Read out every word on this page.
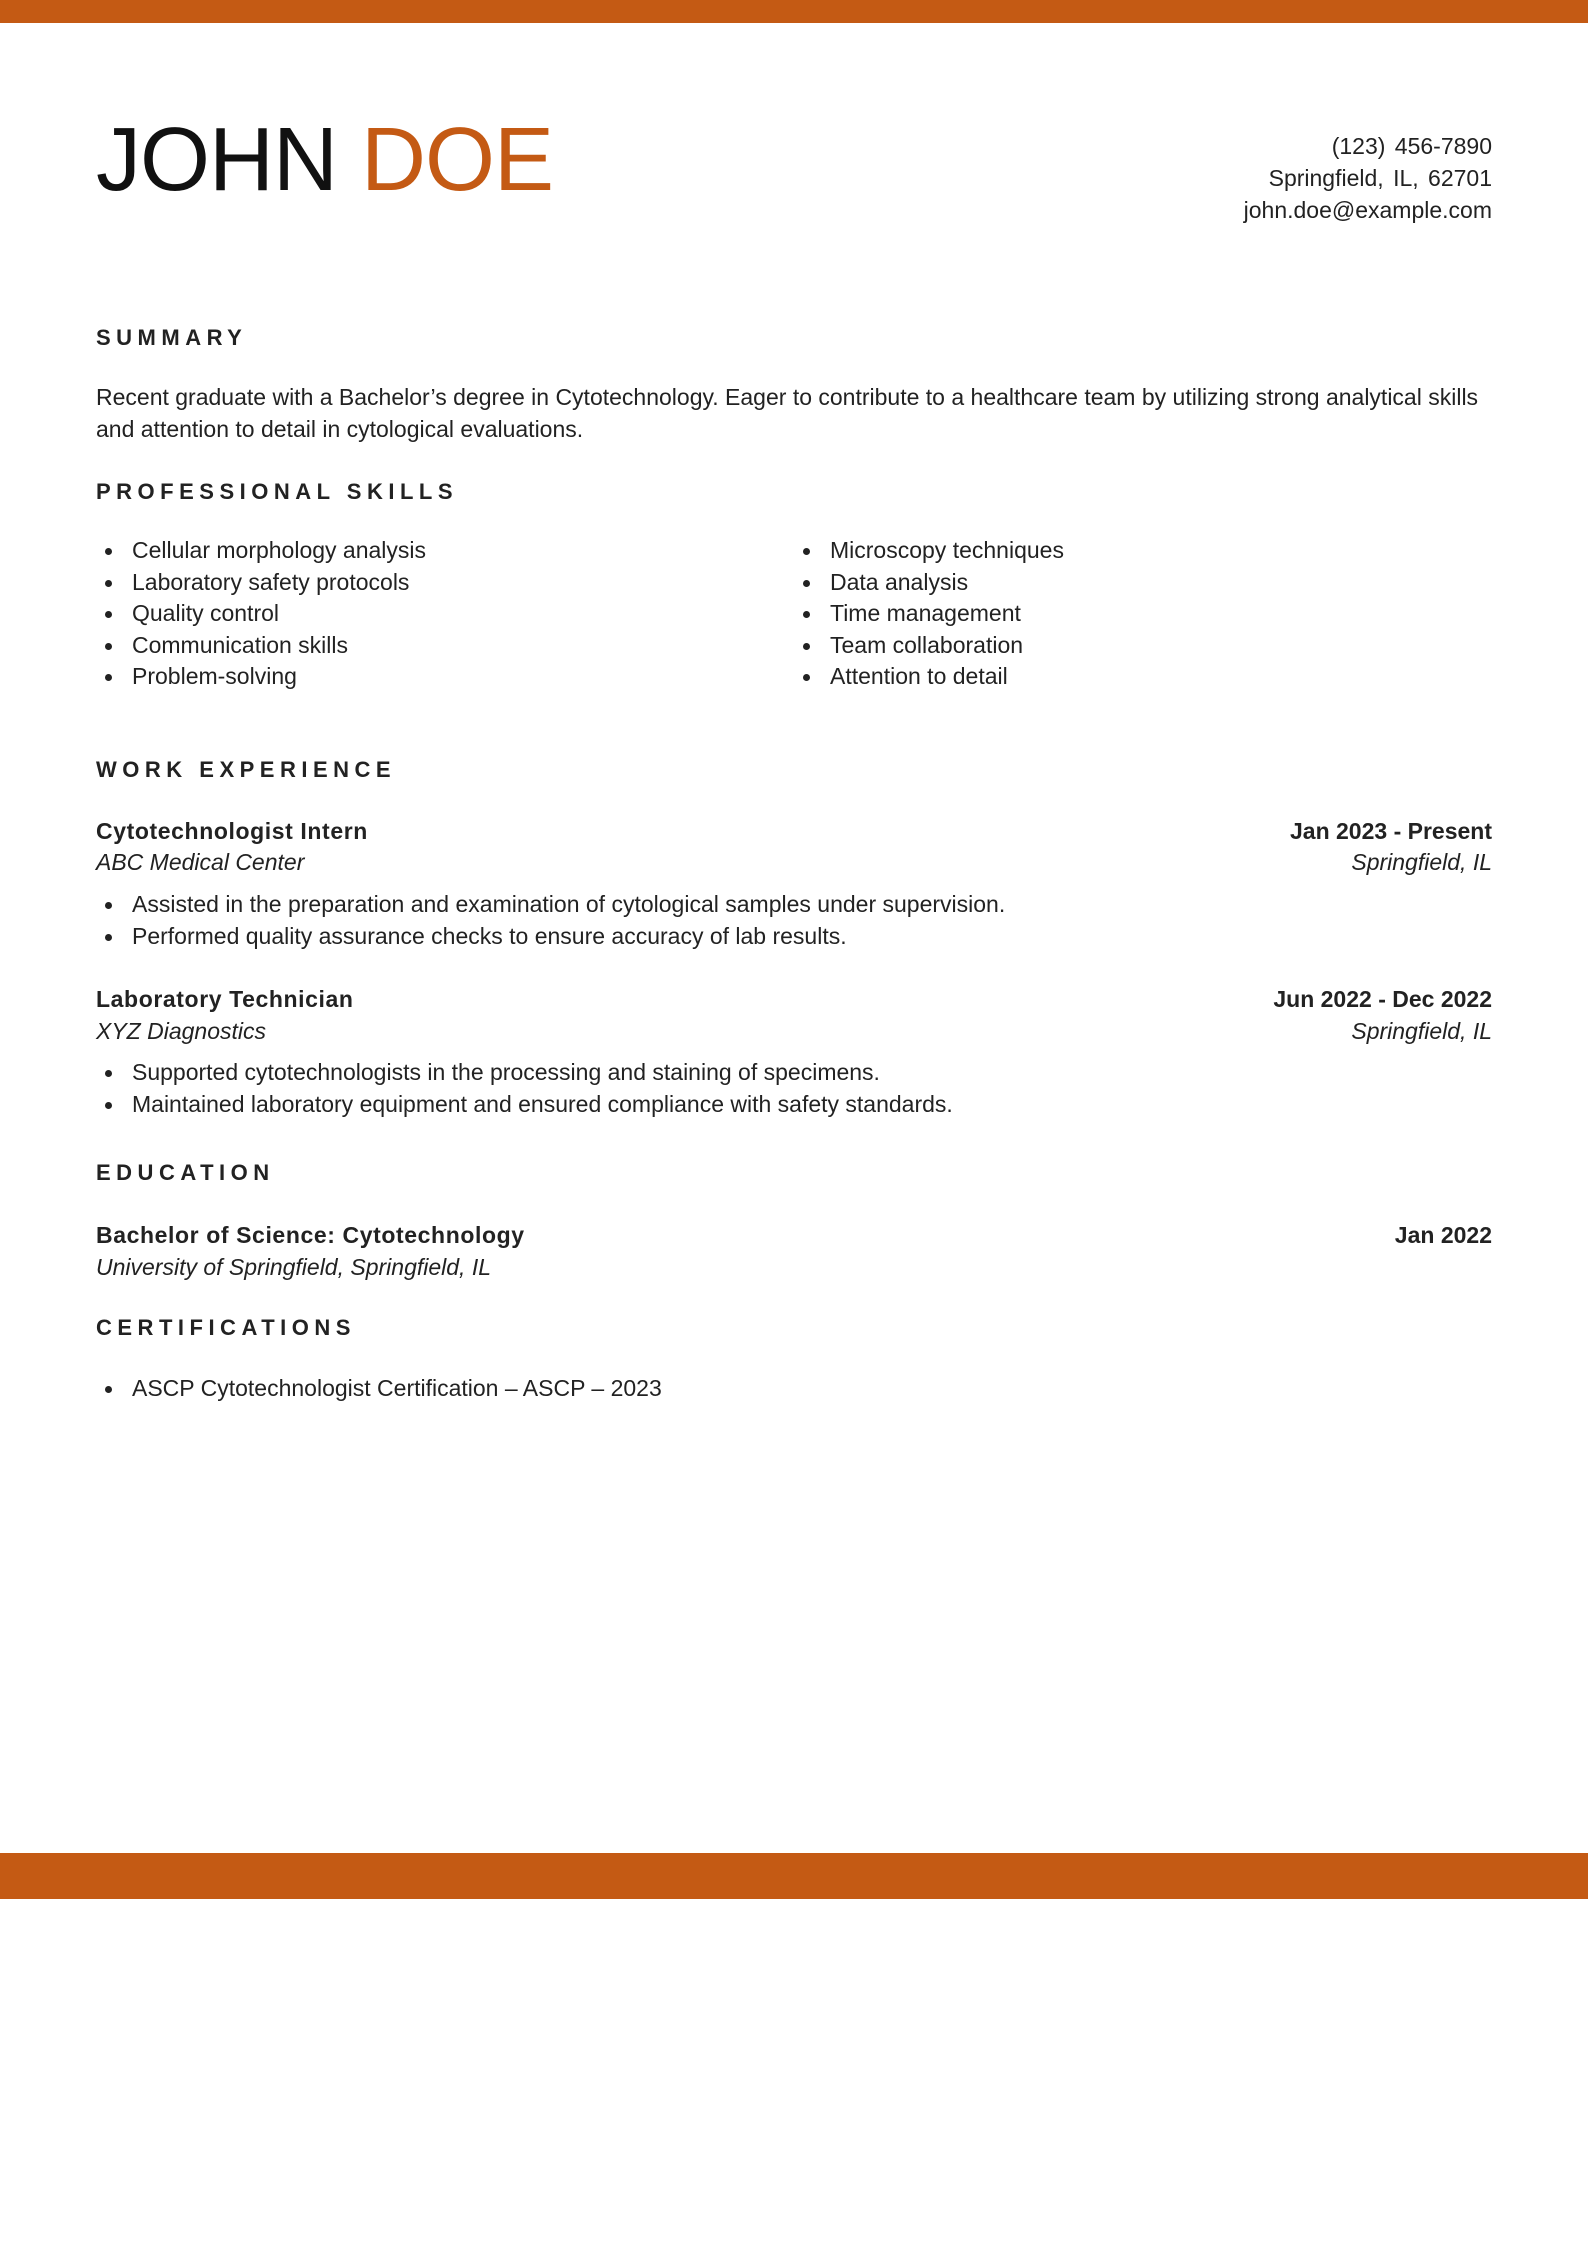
JOHN DOE	(123) 456-7890
Springfield, IL, 62701
john.doe@example.com
SUMMARY
Recent graduate with a Bachelor’s degree in Cytotechnology. Eager to contribute to a healthcare team by utilizing strong analytical skills and attention to detail in cytological evaluations.
PROFESSIONAL SKILLS
Cellular morphology analysis
Laboratory safety protocols
Quality control
Communication skills
Problem-solving
Microscopy techniques
Data analysis
Time management
Team collaboration
Attention to detail
WORK EXPERIENCE
Cytotechnologist Intern	Jan 2023 - Present
ABC Medical Center	Springfield, IL
Assisted in the preparation and examination of cytological samples under supervision.
Performed quality assurance checks to ensure accuracy of lab results.
Laboratory Technician	Jun 2022 - Dec 2022
XYZ Diagnostics	Springfield, IL
Supported cytotechnologists in the processing and staining of specimens.
Maintained laboratory equipment and ensured compliance with safety standards.
EDUCATION
Bachelor of Science: Cytotechnology	Jan 2022
University of Springfield, Springfield, IL
CERTIFICATIONS
ASCP Cytotechnologist Certification – ASCP – 2023
